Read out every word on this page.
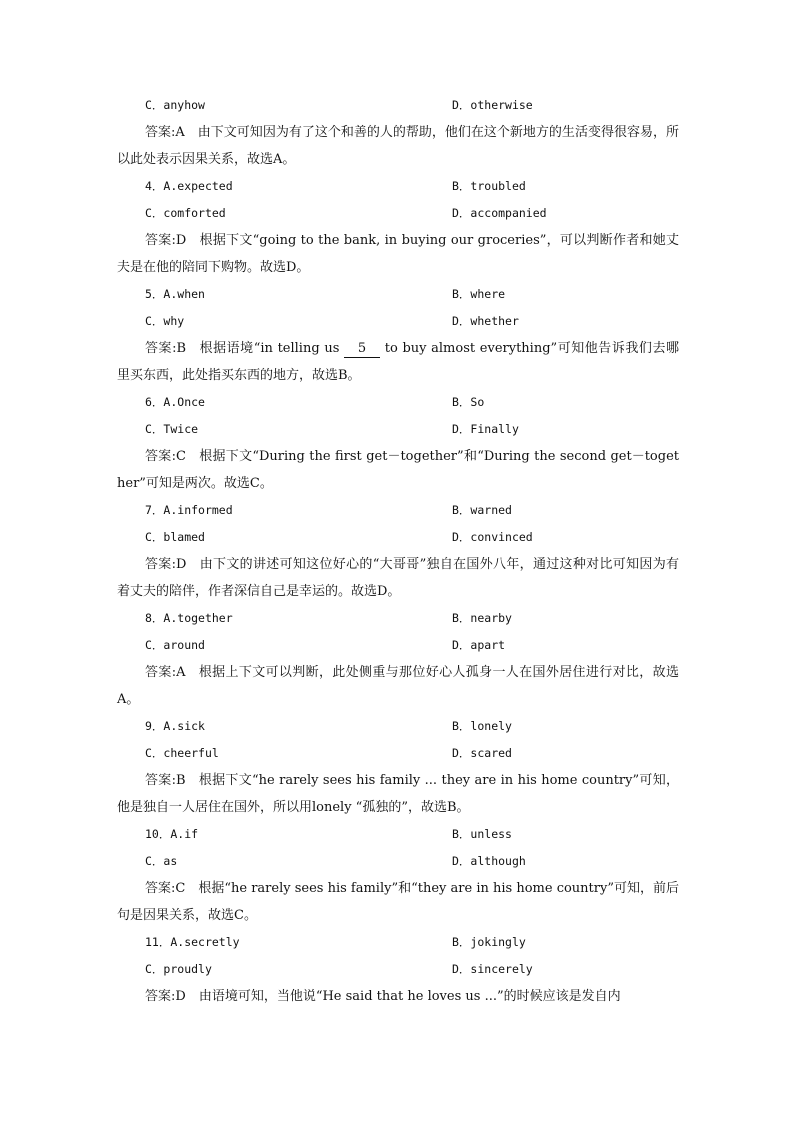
C．anyhow	D．otherwise

答案:A  由下文可知因为有了这个和善的人的帮助，他们在这个新地方的生活变得很容易，所以此处表示因果关系，故选A。

4．A.expected	B．troubled
C．comforted	D．accompanied

答案:D  根据下文“going to the bank, in buying our groceries”，可以判断作者和她丈夫是在他的陪同下购物。故选D。

5．A.when	B．where
C．why	D．whether

答案:B  根据语境“in telling us 5 to buy almost everything”可知他告诉我们去哪里买东西，此处指买东西的地方，故选B。

6．A.Once	B．So
C．Twice	D．Finally

答案:C  根据下文“During the first get－together”和“During the second get－together”可知是两次。故选C。

7．A.informed	B．warned
C．blamed	D．convinced

答案:D  由下文的讲述可知这位好心的“大哥哥”独自在国外八年，通过这种对比可知因为有着丈夫的陪伴，作者深信自己是幸运的。故选D。

8．A.together	B．nearby
C．around	D．apart

答案:A  根据上下文可以判断，此处侧重与那位好心人孤身一人在国外居住进行对比，故选A。

9．A.sick	B．lonely
C．cheerful	D．scared

答案:B  根据下文“he rarely sees his family ... they are in his home country”可知，他是独自一人居住在国外，所以用lonely “孤独的”，故选B。

10．A.if	B．unless
C．as	D．although

答案:C  根据“he rarely sees his family”和“they are in his home country”可知，前后句是因果关系，故选C。

11．A.secretly	B．jokingly
C．proudly	D．sincerely

答案:D  由语境可知，当他说“He said that he loves us ...”的时候应该是发自内
